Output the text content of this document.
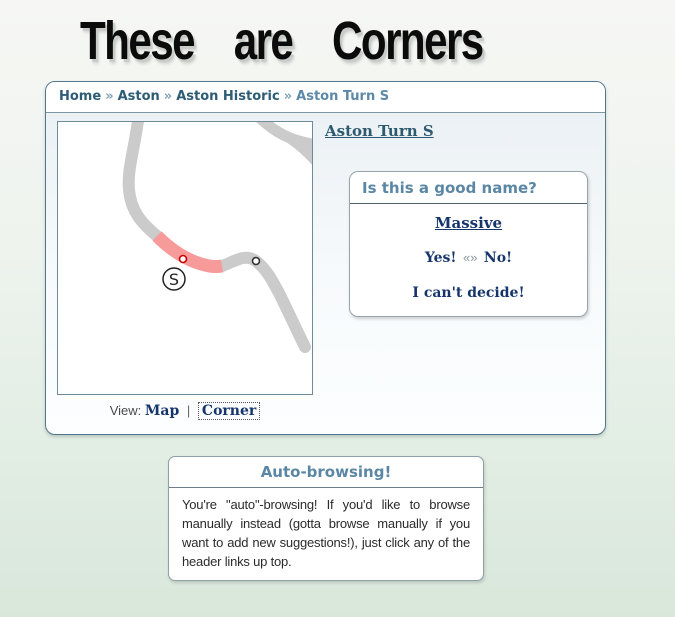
These are Corners
Home » Aston » Aston Historic » Aston Turn S
S
View: Map | Corner
Aston Turn S
Is this a good name?
Massive
Yes! «» No!
I can't decide!
Auto-browsing!
You're "auto"-browsing! If you'd like to browse manually instead (gotta browse manually if you want to add new suggestions!), just click any of the header links up top.
